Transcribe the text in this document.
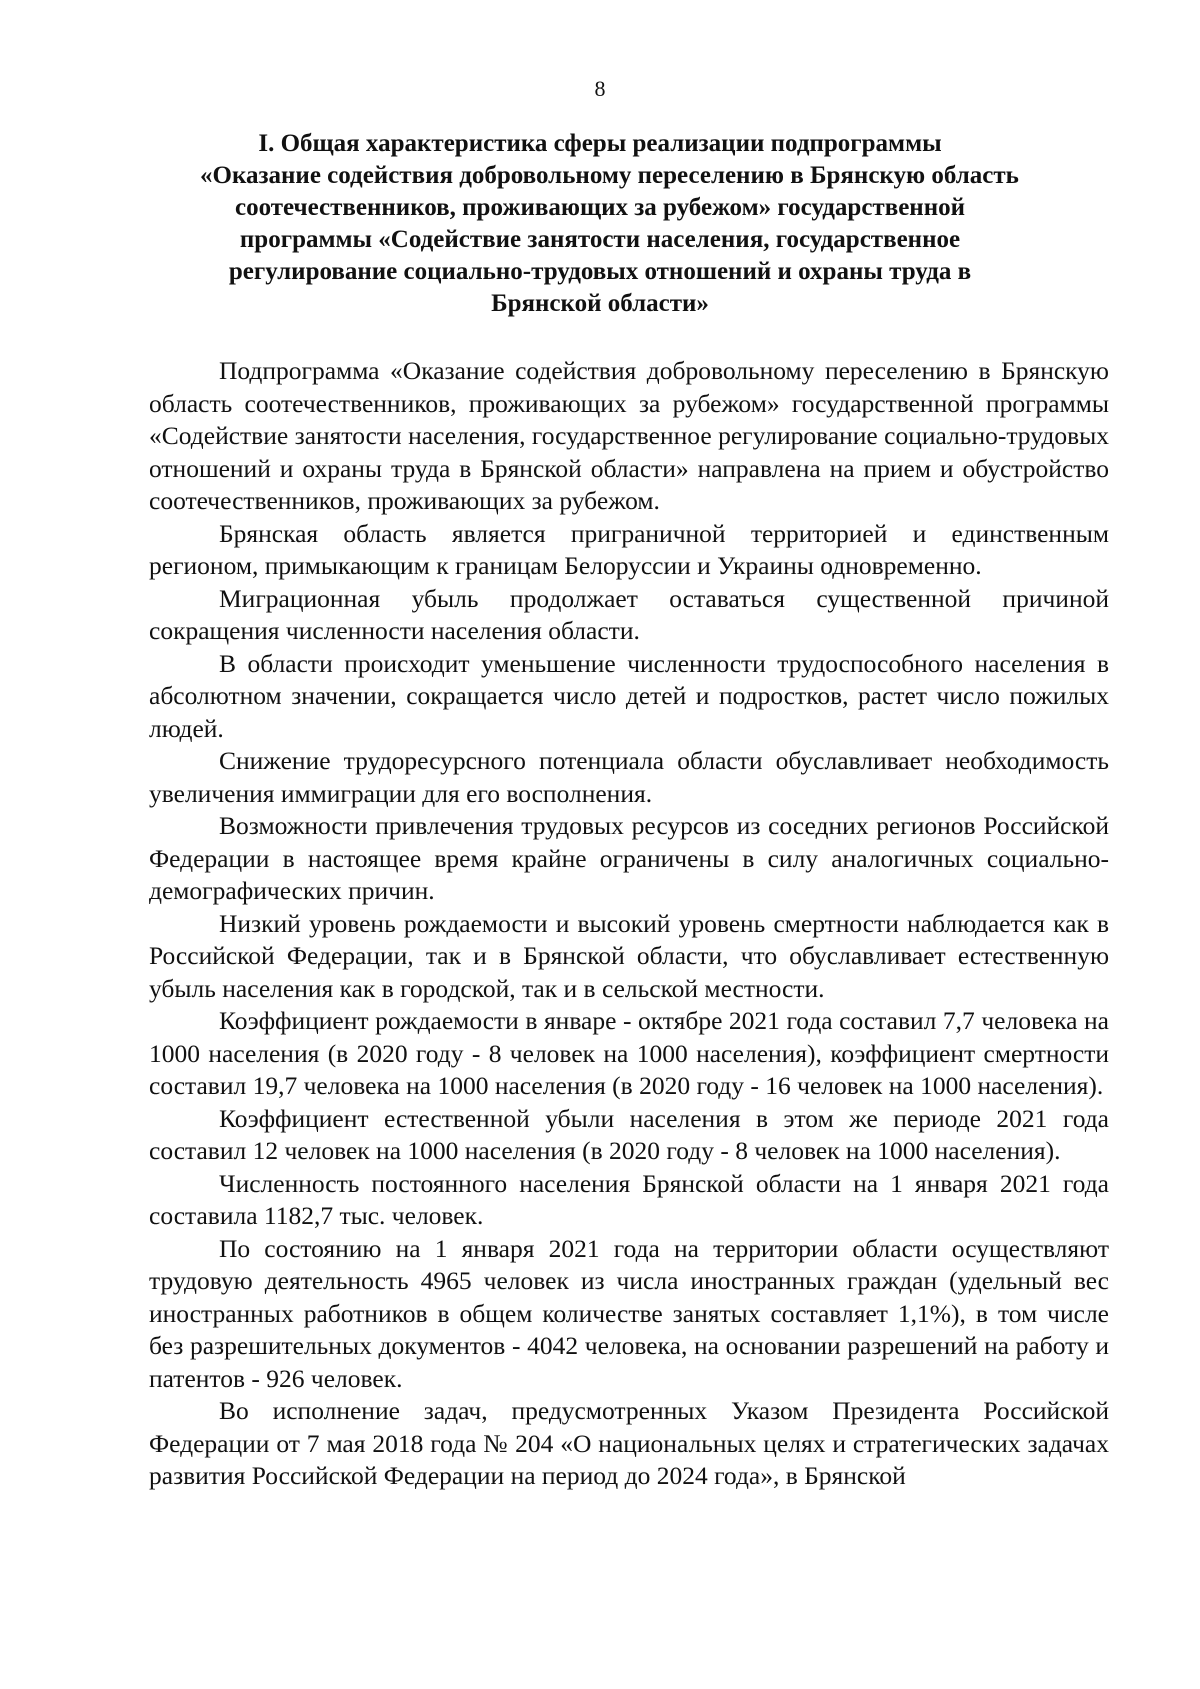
8
I. Общая характеристика сферы реализации подпрограммы
«Оказание содействия добровольному переселению в Брянскую область
соотечественников, проживающих за рубежом» государственной
программы «Содействие занятости населения, государственное
регулирование социально-трудовых отношений и охраны труда в
Брянской области»

Подпрограмма «Оказание содействия добровольному переселению в Брянскую область соотечественников, проживающих за рубежом» государственной программы «Содействие занятости населения, государственное регулирование социально-трудовых отношений и охраны труда в Брянской области» направлена на прием и обустройство соотечественников, проживающих за рубежом.

Брянская область является приграничной территорией и единственным регионом, примыкающим к границам Белоруссии и Украины одновременно.

Миграционная убыль продолжает оставаться существенной причиной сокращения численности населения области.

В области происходит уменьшение численности трудоспособного населения в абсолютном значении, сокращается число детей и подростков, растет число пожилых людей.

Снижение трудоресурсного потенциала области обуславливает необходимость увеличения иммиграции для его восполнения.

Возможности привлечения трудовых ресурсов из соседних регионов Российской Федерации в настоящее время крайне ограничены в силу аналогичных социально-демографических причин.

Низкий уровень рождаемости и высокий уровень смертности наблюдается как в Российской Федерации, так и в Брянской области, что обуславливает естественную убыль населения как в городской, так и в сельской местности.

Коэффициент рождаемости в январе - октябре 2021 года составил 7,7 человека на 1000 населения (в 2020 году - 8 человек на 1000 населения), коэффициент смертности составил 19,7 человека на 1000 населения (в 2020 году - 16 человек на 1000 населения).

Коэффициент естественной убыли населения в этом же периоде 2021 года составил 12 человек на 1000 населения (в 2020 году - 8 человек на 1000 населения).

Численность постоянного населения Брянской области на 1 января 2021 года составила 1182,7 тыс. человек.

По состоянию на 1 января 2021 года на территории области осуществляют трудовую деятельность 4965 человек из числа иностранных граждан (удельный вес иностранных работников в общем количестве занятых составляет 1,1%), в том числе без разрешительных документов - 4042 человека, на основании разрешений на работу и патентов - 926 человек.

Во исполнение задач, предусмотренных Указом Президента Российской Федерации от 7 мая 2018 года № 204 «О национальных целях и стратегических задачах развития Российской Федерации на период до 2024 года», в Брянской
